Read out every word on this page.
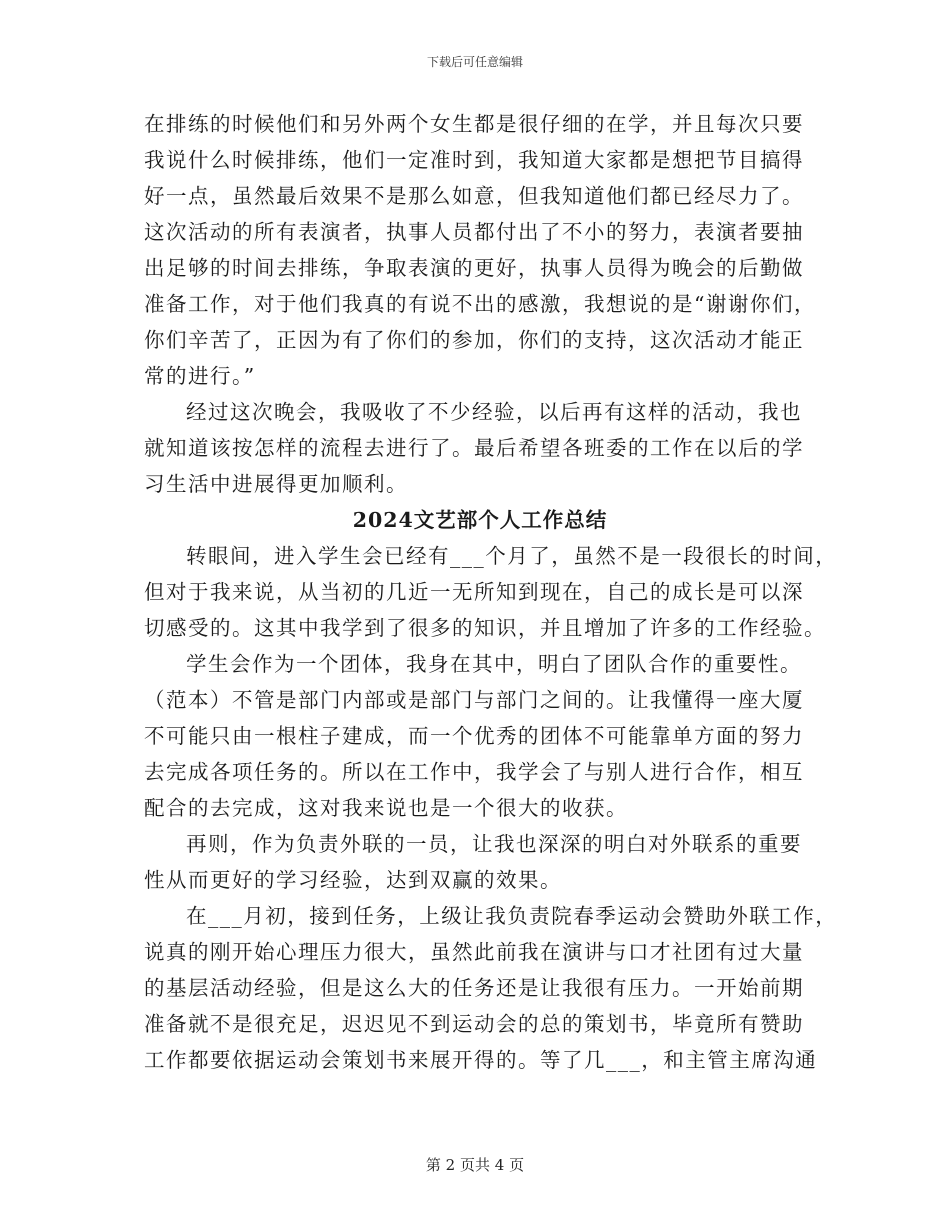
下载后可任意编辑
在排练的时候他们和另外两个女生都是很仔细的在学，并且每次只要
我说什么时候排练，他们一定准时到，我知道大家都是想把节目搞得
好一点，虽然最后效果不是那么如意，但我知道他们都已经尽力了。
这次活动的所有表演者，执事人员都付出了不小的努力，表演者要抽
出足够的时间去排练，争取表演的更好，执事人员得为晚会的后勤做
准备工作，对于他们我真的有说不出的感激，我想说的是“谢谢你们，
你们辛苦了，正因为有了你们的参加，你们的支持，这次活动才能正
常的进行。”
经过这次晚会，我吸收了不少经验，以后再有这样的活动，我也
就知道该按怎样的流程去进行了。最后希望各班委的工作在以后的学
习生活中进展得更加顺利。
2024文艺部个人工作总结
转眼间，进入学生会已经有___个月了，虽然不是一段很长的时间，
但对于我来说，从当初的几近一无所知到现在，自己的成长是可以深
切感受的。这其中我学到了很多的知识，并且增加了许多的工作经验。
学生会作为一个团体，我身在其中，明白了团队合作的重要性。
（范本）不管是部门内部或是部门与部门之间的。让我懂得一座大厦
不可能只由一根柱子建成，而一个优秀的团体不可能靠单方面的努力
去完成各项任务的。所以在工作中，我学会了与别人进行合作，相互
配合的去完成，这对我来说也是一个很大的收获。
再则，作为负责外联的一员，让我也深深的明白对外联系的重要
性从而更好的学习经验，达到双赢的效果。
在___月初，接到任务，上级让我负责院春季运动会赞助外联工作，
说真的刚开始心理压力很大，虽然此前我在演讲与口才社团有过大量
的基层活动经验，但是这么大的任务还是让我很有压力。一开始前期
准备就不是很充足，迟迟见不到运动会的总的策划书，毕竟所有赞助
工作都要依据运动会策划书来展开得的。等了几___，和主管主席沟通
第 2 页共 4 页
